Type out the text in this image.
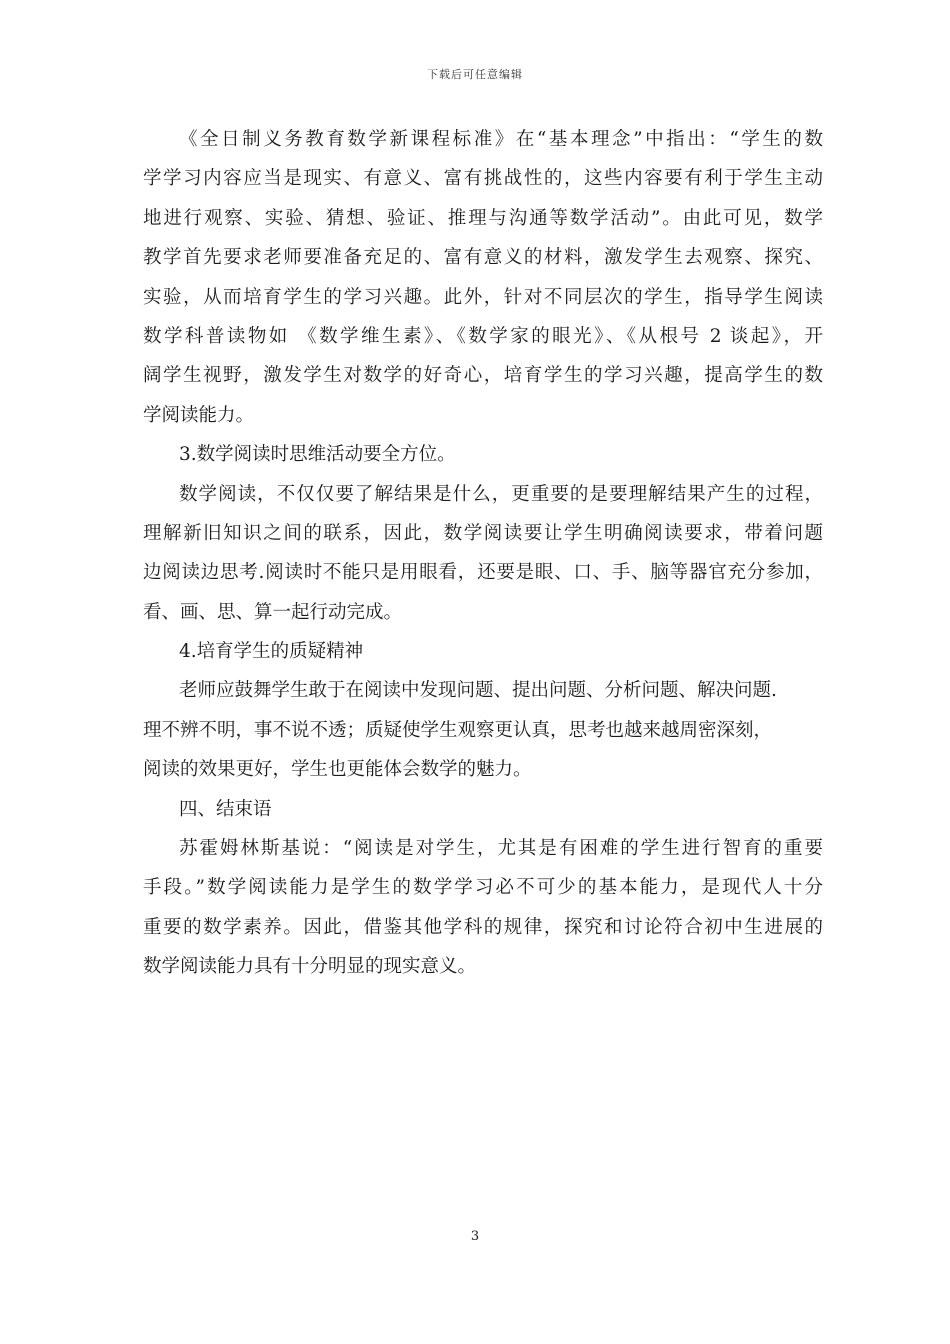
下载后可任意编辑
《全日制义务教育数学新课程标准》在“基本理念”中指出：“学生的数
学学习内容应当是现实、有意义、富有挑战性的，这些内容要有利于学生主动
地进行观察、实验、猜想、验证、推理与沟通等数学活动”。由此可见，数学
教学首先要求老师要准备充足的、富有意义的材料，激发学生去观察、探究、
实验，从而培育学生的学习兴趣。此外，针对不同层次的学生，指导学生阅读
数学科普读物如 《数学维生素》、《数学家的眼光》、《从根号 2 谈起》，开
阔学生视野，激发学生对数学的好奇心，培育学生的学习兴趣，提高学生的数
学阅读能力。
3.数学阅读时思维活动要全方位。
数学阅读，不仅仅要了解结果是什么，更重要的是要理解结果产生的过程，
理解新旧知识之间的联系，因此，数学阅读要让学生明确阅读要求，带着问题
边阅读边思考.阅读时不能只是用眼看，还要是眼、口、手、脑等器官充分参加，
看、画、思、算一起行动完成。
4.培育学生的质疑精神
老师应鼓舞学生敢于在阅读中发现问题、提出问题、分析问题、解决问题.
理不辨不明，事不说不透；质疑使学生观察更认真，思考也越来越周密深刻，
阅读的效果更好，学生也更能体会数学的魅力。
四、结束语
苏霍姆林斯基说：“阅读是对学生，尤其是有困难的学生进行智育的重要
手段。”数学阅读能力是学生的数学学习必不可少的基本能力，是现代人十分
重要的数学素养。因此，借鉴其他学科的规律，探究和讨论符合初中生进展的
数学阅读能力具有十分明显的现实意义。
3
